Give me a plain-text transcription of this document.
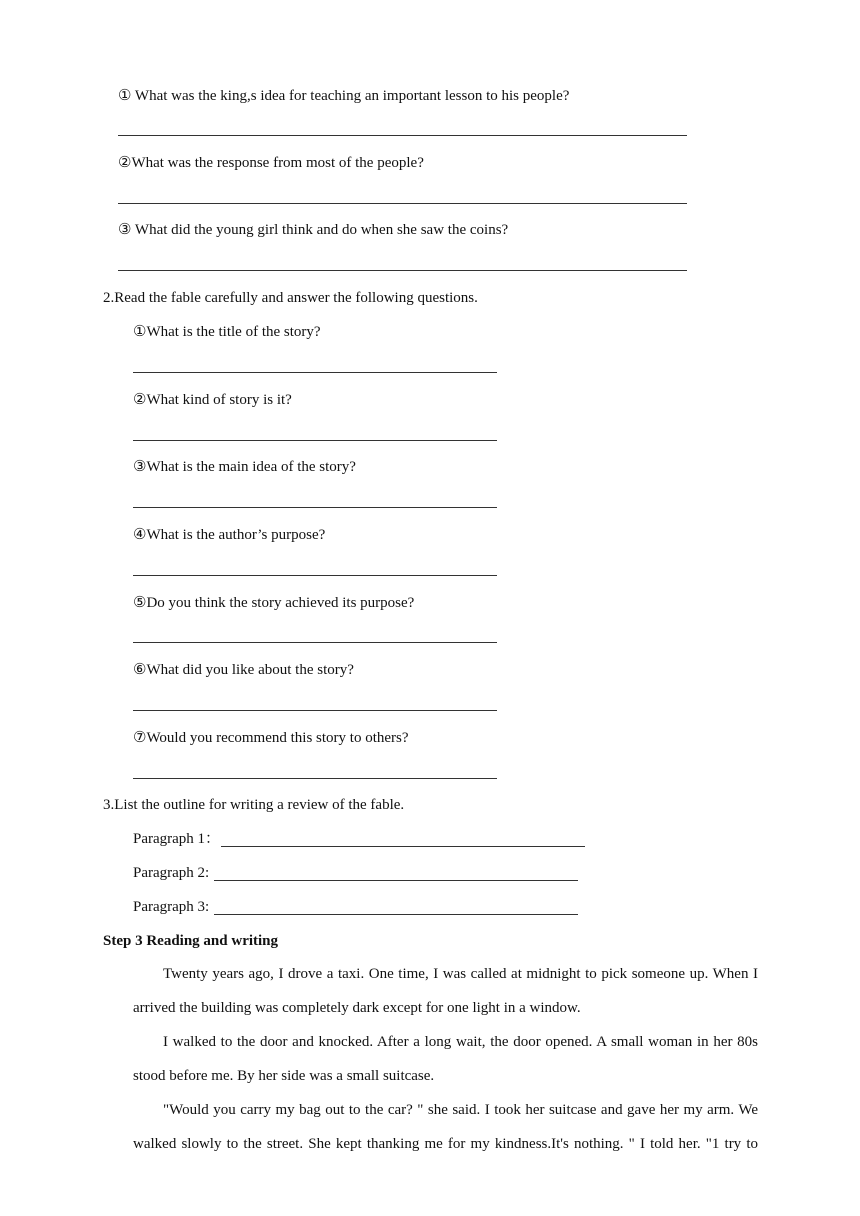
① What was the king,s idea for teaching an important lesson to his people?
②What was the response from most of the people?
③ What did the young girl think and do when she saw the coins?
2.Read the fable carefully and answer the following questions.
①What is the title of the story?
②What kind of story is it?
③What is the main idea of the story?
④What is the author’s purpose?
⑤Do you think the story achieved its purpose?
⑥What did you like about the story?
⑦Would you recommend this story to others?
3.List the outline for writing a review of the fable.
Paragraph 1：
Paragraph 2:
Paragraph 3:
Step 3 Reading and writing
Twenty years ago, I drove a taxi. One time, I was called at midnight to pick someone up. When I
arrived the building was completely dark except for one light in a window.
I walked to the door and knocked. After a long wait, the door opened. A small woman in her 80s
stood before me. By her side was a small suitcase.
"Would you carry my bag out to the car? " she said. I took her suitcase and gave her my arm. We
walked slowly to the street. She kept thanking me for my kindness.It's nothing. " I told her. "1 try to
